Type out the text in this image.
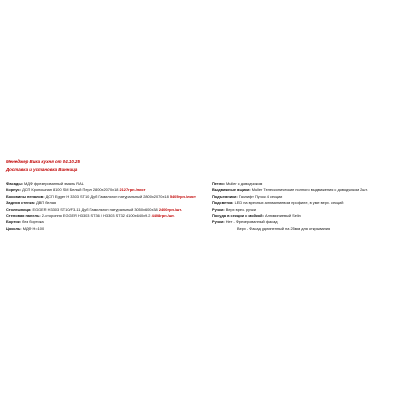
Менеджер Вика кухня от 04.10.25
Доставка и установка Винница
Фасады: МДФ фрезерованный эмаль RAL
Корпус: ДСП Кроношпан 8100 SM Белый Перл 2800х2070х18 2127грн./лист
Боковины пеналов: ДСП Egger H 3303 ST10 Дуб Гамильтон натуральный 2800х2070х18 5405грн./лист
Задняя стенка: ДВП белая
Столешница: EGGER H3303 ST10/F3-11 Дуб Гамильтон натуральный 3050х600х38 2400грн./шт.
Стеновая панель: 2-стороння EGGER H3303 ST36 / H3303 ST32 4100х640х9.2 4408грн./шт.
Бортик: без бортика
Цоколь: МДФ Н=100
Петли: Muller с доводчиком
Выдвижные ящики: Muller Телескопические полного выдвижения с доводчиком 2шт.
Подъемники: Газлифт Пучок 4 секции
Подсветка: LED на врезных алюминиевом профиле, в уме верх. секций
Ручки: Верх врез. ручки
Посуда в секции с мойкой: Алюминиевый Selin
Ручки: Нет - Фрезерованный фасад
Верх - Фасад удлиненный на 25мм для открывания
